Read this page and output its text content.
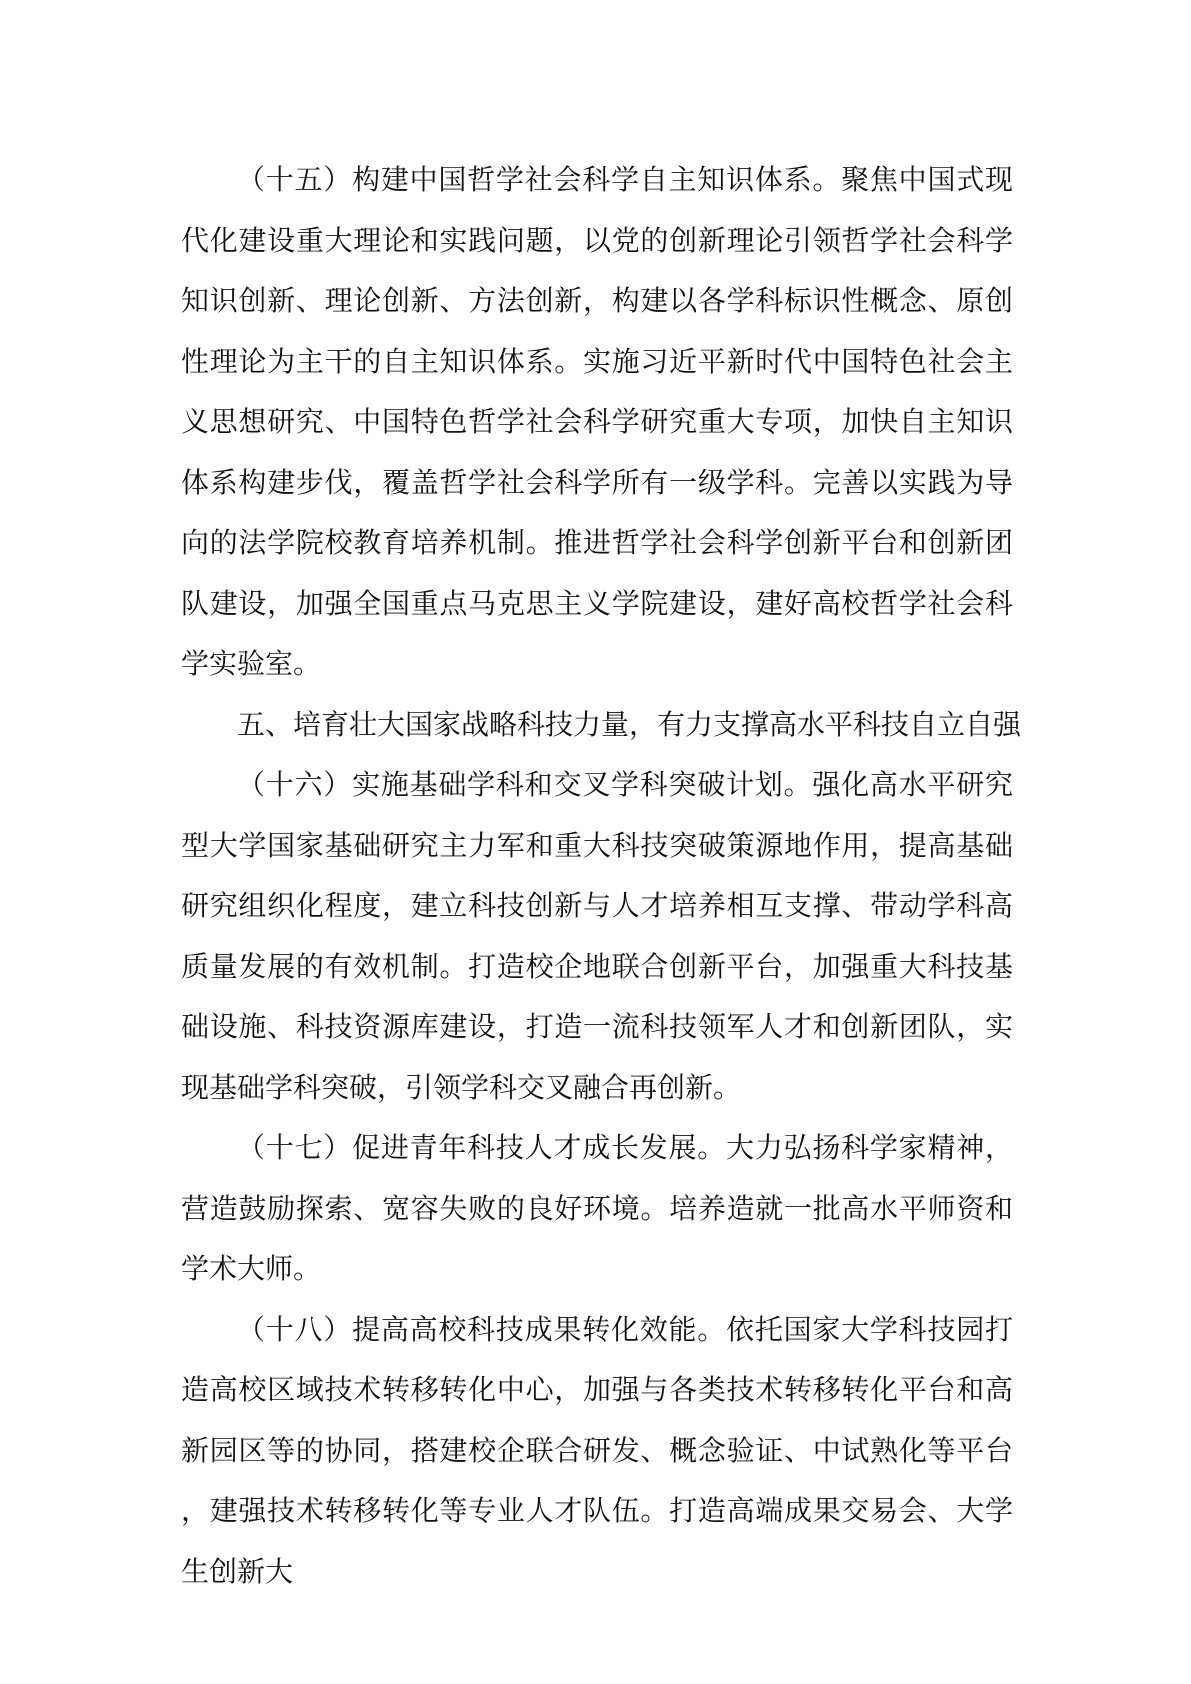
（十五）构建中国哲学社会科学自主知识体系。聚焦中国式现代化建设重大理论和实践问题，以党的创新理论引领哲学社会科学知识创新、理论创新、方法创新，构建以各学科标识性概念、原创性理论为主干的自主知识体系。实施习近平新时代中国特色社会主义思想研究、中国特色哲学社会科学研究重大专项，加快自主知识体系构建步伐，覆盖哲学社会科学所有一级学科。完善以实践为导向的法学院校教育培养机制。推进哲学社会科学创新平台和创新团队建设，加强全国重点马克思主义学院建设，建好高校哲学社会科学实验室。

五、培育壮大国家战略科技力量，有力支撑高水平科技自立自强

（十六）实施基础学科和交叉学科突破计划。强化高水平研究型大学国家基础研究主力军和重大科技突破策源地作用，提高基础研究组织化程度，建立科技创新与人才培养相互支撑、带动学科高质量发展的有效机制。打造校企地联合创新平台，加强重大科技基础设施、科技资源库建设，打造一流科技领军人才和创新团队，实现基础学科突破，引领学科交叉融合再创新。

（十七）促进青年科技人才成长发展。大力弘扬科学家精神，营造鼓励探索、宽容失败的良好环境。培养造就一批高水平师资和学术大师。

（十八）提高高校科技成果转化效能。依托国家大学科技园打造高校区域技术转移转化中心，加强与各类技术转移转化平台和高新园区等的协同，搭建校企联合研发、概念验证、中试熟化等平台，建强技术转移转化等专业人才队伍。打造高端成果交易会、大学生创新大
